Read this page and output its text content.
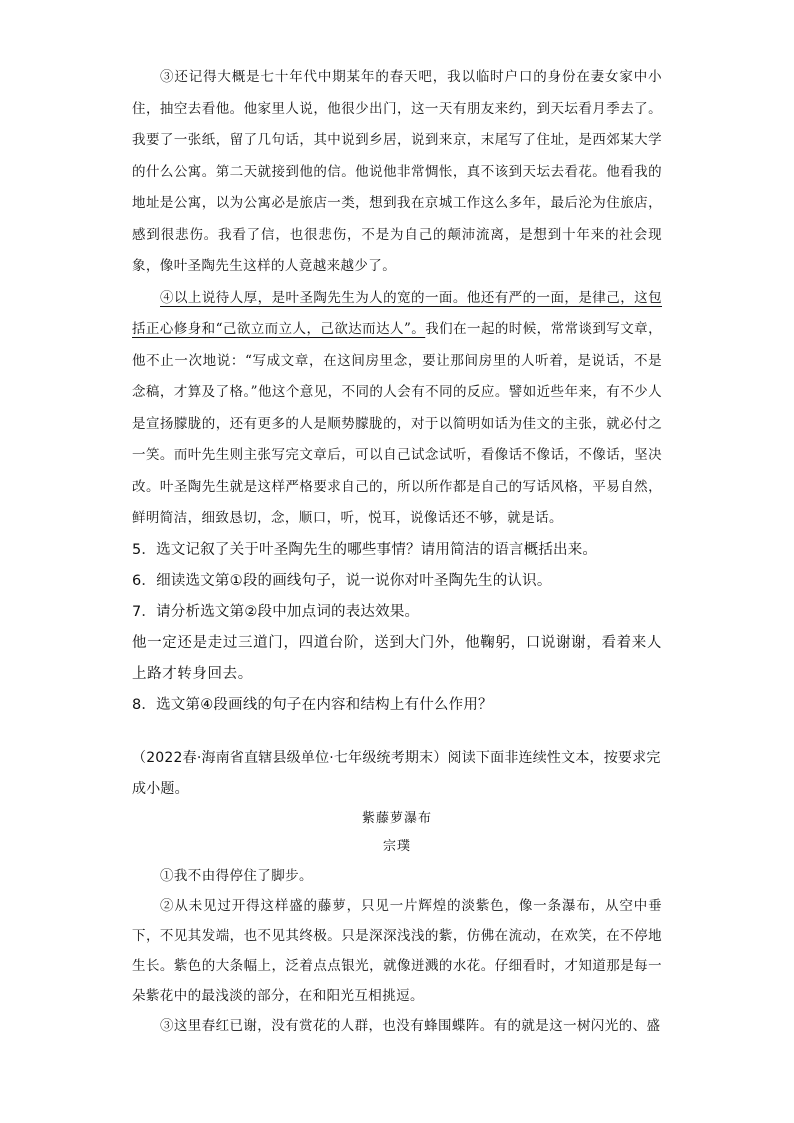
③还记得大概是七十年代中期某年的春天吧，我以临时户口的身份在妻女家中小住，抽空去看他。他家里人说，他很少出门，这一天有朋友来约，到天坛看月季去了。我要了一张纸，留了几句话，其中说到乡居，说到来京，末尾写了住址，是西郊某大学的什么公寓。第二天就接到他的信。他说他非常惆怅，真不该到天坛去看花。他看我的地址是公寓，以为公寓必是旅店一类，想到我在京城工作这么多年，最后沦为住旅店，感到很悲伤。我看了信，也很悲伤，不是为自己的颠沛流离，是想到十年来的社会现象，像叶圣陶先生这样的人竟越来越少了。

④以上说待人厚，是叶圣陶先生为人的宽的一面。他还有严的一面，是律己，这包括正心修身和“己欲立而立人，己欲达而达人”。我们在一起的时候，常常谈到写文章，他不止一次地说：“写成文章，在这间房里念，要让那间房里的人听着，是说话，不是念稿，才算及了格。”他这个意见，不同的人会有不同的反应。譬如近些年来，有不少人是宣扬朦胧的，还有更多的人是顺势朦胧的，对于以简明如话为佳文的主张，就必付之一笑。而叶先生则主张写完文章后，可以自己试念试听，看像话不像话，不像话，坚决改。叶圣陶先生就是这样严格要求自己的，所以所作都是自己的写话风格，平易自然，鲜明简洁，细致恳切，念，顺口，听，悦耳，说像话还不够，就是话。

5．选文记叙了关于叶圣陶先生的哪些事情？请用简洁的语言概括出来。

6．细读选文第①段的画线句子，说一说你对叶圣陶先生的认识。

7．请分析选文第②段中加点词的表达效果。

他一定还是走过三道门，四道台阶，送到大门外，他鞠躬，口说谢谢，看着来人上路才转身回去。

8．选文第④段画线的句子在内容和结构上有什么作用？

（2022春·海南省直辖县级单位·七年级统考期末）阅读下面非连续性文本，按要求完成小题。

紫藤萝瀑布

宗璞

①我不由得停住了脚步。

②从未见过开得这样盛的藤萝，只见一片辉煌的淡紫色，像一条瀑布，从空中垂下，不见其发端，也不见其终极。只是深深浅浅的紫，仿佛在流动，在欢笑，在不停地生长。紫色的大条幅上，泛着点点银光，就像迸溅的水花。仔细看时，才知道那是每一朵紫花中的最浅淡的部分，在和阳光互相挑逗。

③这里春红已谢，没有赏花的人群，也没有蜂围蝶阵。有的就是这一树闪光的、盛
